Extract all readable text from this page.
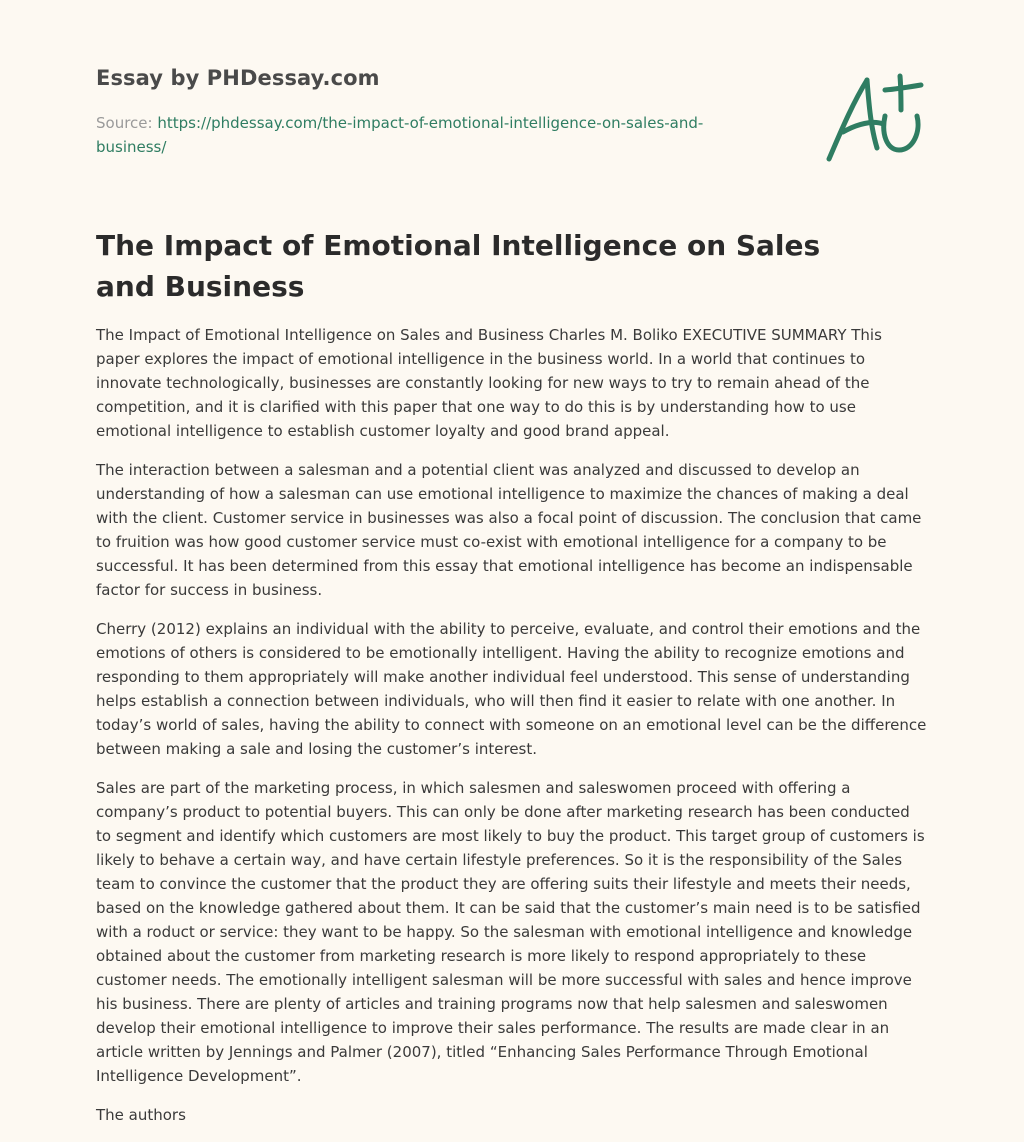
Essay by PHDessay.com
Source: https://phdessay.com/the-impact-of-emotional-intelligence-on-sales-and-business/
The Impact of Emotional Intelligence on Sales and Business

The Impact of Emotional Intelligence on Sales and Business Charles M. Boliko EXECUTIVE SUMMARY This paper explores the impact of emotional intelligence in the business world. In a world that continues to innovate technologically, businesses are constantly looking for new ways to try to remain ahead of the competition, and it is clarified with this paper that one way to do this is by understanding how to use emotional intelligence to establish customer loyalty and good brand appeal.

The interaction between a salesman and a potential client was analyzed and discussed to develop an understanding of how a salesman can use emotional intelligence to maximize the chances of making a deal with the client. Customer service in businesses was also a focal point of discussion. The conclusion that came to fruition was how good customer service must co-exist with emotional intelligence for a company to be successful. It has been determined from this essay that emotional intelligence has become an indispensable factor for success in business.

Cherry (2012) explains an individual with the ability to perceive, evaluate, and control their emotions and the emotions of others is considered to be emotionally intelligent. Having the ability to recognize emotions and responding to them appropriately will make another individual feel understood. This sense of understanding helps establish a connection between individuals, who will then find it easier to relate with one another. In today’s world of sales, having the ability to connect with someone on an emotional level can be the difference between making a sale and losing the customer’s interest.

Sales are part of the marketing process, in which salesmen and saleswomen proceed with offering a company’s product to potential buyers. This can only be done after marketing research has been conducted to segment and identify which customers are most likely to buy the product. This target group of customers is likely to behave a certain way, and have certain lifestyle preferences. So it is the responsibility of the Sales team to convince the customer that the product they are offering suits their lifestyle and meets their needs, based on the knowledge gathered about them. It can be said that the customer’s main need is to be satisfied with a roduct or service: they want to be happy. So the salesman with emotional intelligence and knowledge obtained about the customer from marketing research is more likely to respond appropriately to these customer needs. The emotionally intelligent salesman will be more successful with sales and hence improve his business. There are plenty of articles and training programs now that help salesmen and saleswomen develop their emotional intelligence to improve their sales performance. The results are made clear in an article written by Jennings and Palmer (2007), titled “Enhancing Sales Performance Through Emotional Intelligence Development”.

The authors
